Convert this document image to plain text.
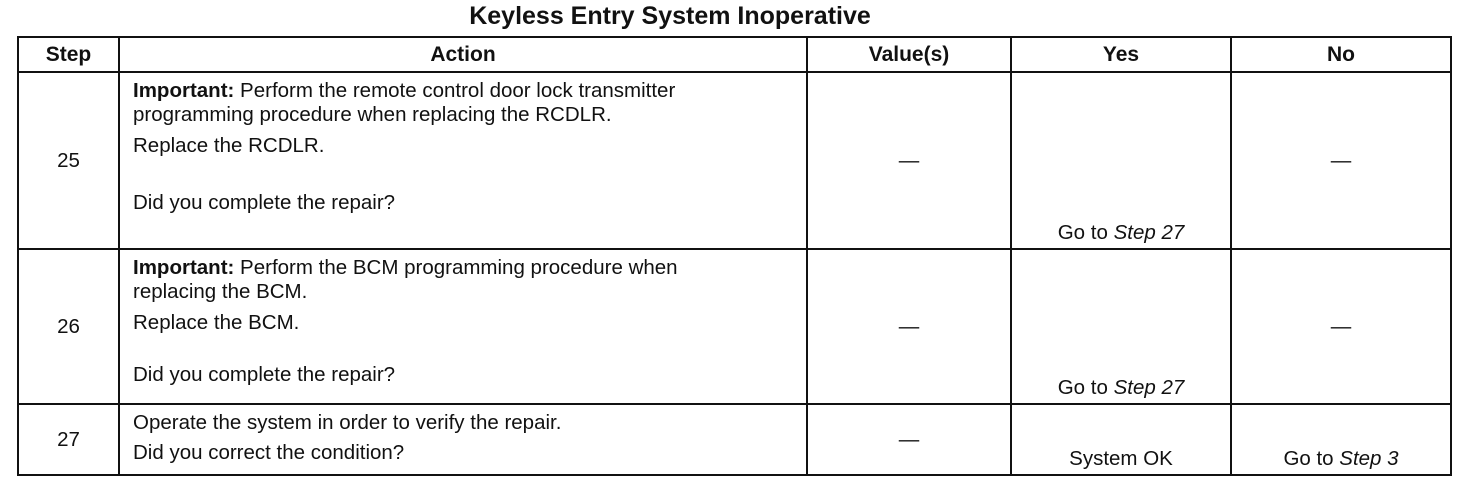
Keyless Entry System Inoperative
Step	Action	Value(s)	Yes	No
25	Important: Perform the remote control door lock transmitter programming procedure when replacing the RCDLR.

Replace the RCDLR.

Did you complete the repair?	—	Go to Step 27	—
26	Important: Perform the BCM programming procedure when replacing the BCM.

Replace the BCM.

Did you complete the repair?	—	Go to Step 27	—
27	Operate the system in order to verify the repair.

Did you correct the condition?	—	System OK	Go to Step 3
